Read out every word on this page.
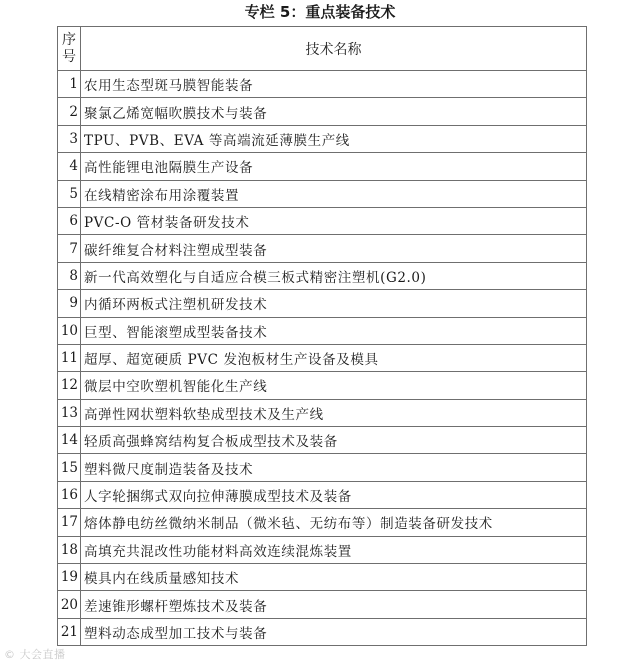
专栏 5：重点装备技术
序号	技术名称
1	农用生态型斑马膜智能装备
2	聚氯乙烯宽幅吹膜技术与装备
3	TPU、PVB、EVA 等高端流延薄膜生产线
4	高性能锂电池隔膜生产设备
5	在线精密涂布用涂覆装置
6	PVC-O 管材装备研发技术
7	碳纤维复合材料注塑成型装备
8	新一代高效塑化与自适应合模三板式精密注塑机(G2.0)
9	内循环两板式注塑机研发技术
10	巨型、智能滚塑成型装备技术
11	超厚、超宽硬质 PVC 发泡板材生产设备及模具
12	微层中空吹塑机智能化生产线
13	高弹性网状塑料软垫成型技术及生产线
14	轻质高强蜂窝结构复合板成型技术及装备
15	塑料微尺度制造装备及技术
16	人字轮捆绑式双向拉伸薄膜成型技术及装备
17	熔体静电纺丝微纳米制品（微米毡、无纺布等）制造装备研发技术
18	高填充共混改性功能材料高效连续混炼装置
19	模具内在线质量感知技术
20	差速锥形螺杆塑炼技术及装备
21	塑料动态成型加工技术与装备
© 大会直播
